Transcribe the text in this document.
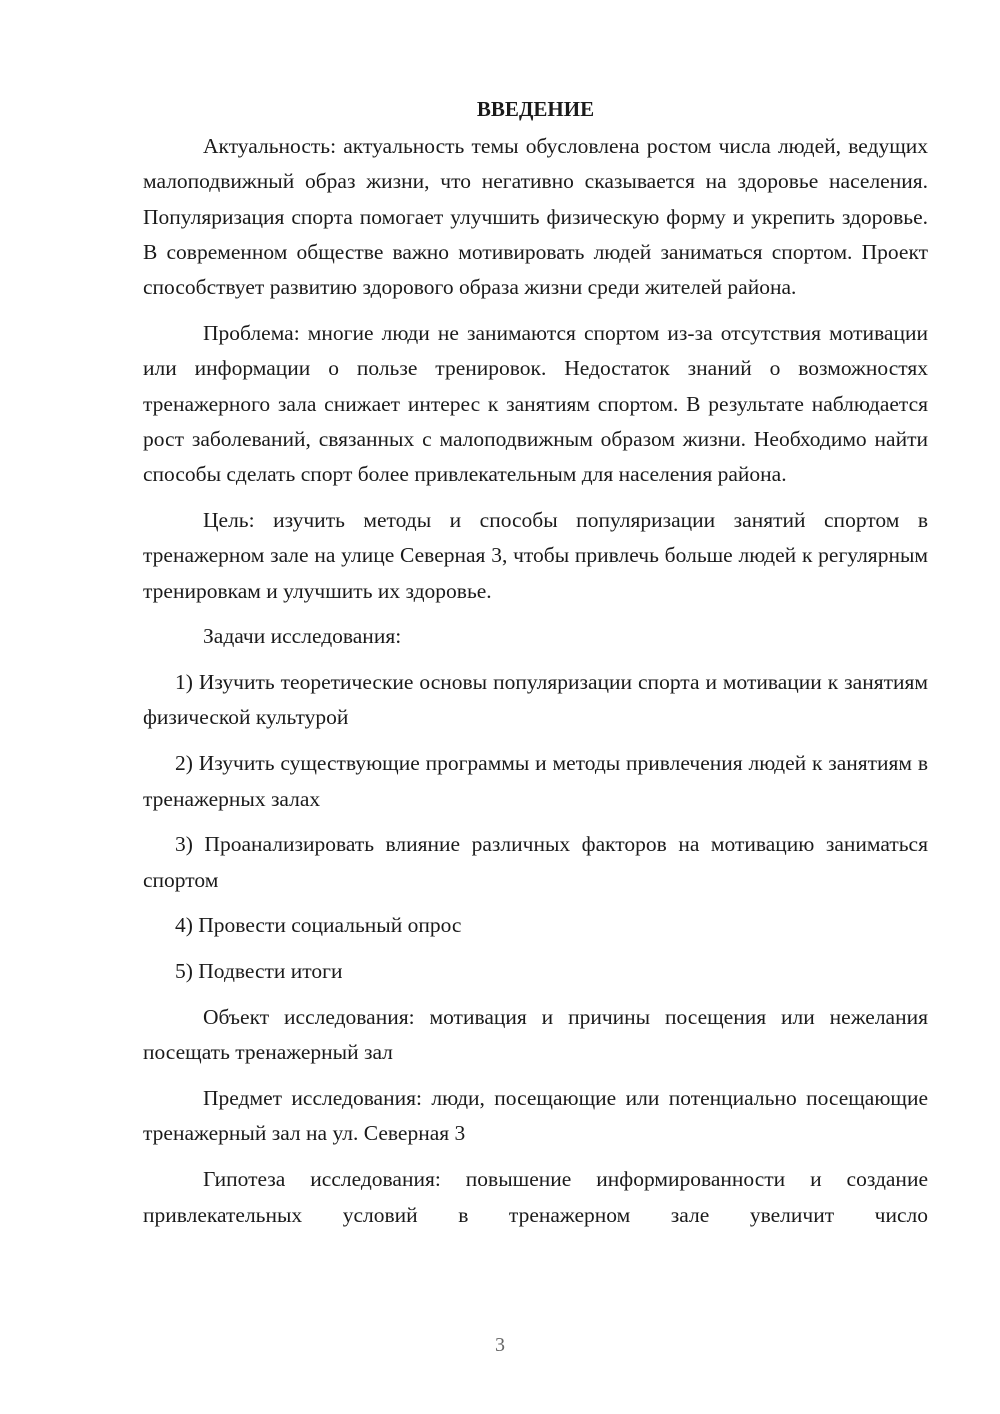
ВВЕДЕНИЕ

Актуальность: актуальность темы обусловлена ростом числа людей, ведущих малоподвижный образ жизни, что негативно сказывается на здоровье населения. Популяризация спорта помогает улучшить физическую форму и укрепить здоровье. В современном обществе важно мотивировать людей заниматься спортом. Проект способствует развитию здорового образа жизни среди жителей района.

Проблема: многие люди не занимаются спортом из-за отсутствия мотивации или информации о пользе тренировок. Недостаток знаний о возможностях тренажерного зала снижает интерес к занятиям спортом. В результате наблюдается рост заболеваний, связанных с малоподвижным образом жизни. Необходимо найти способы сделать спорт более привлекательным для населения района.

Цель: изучить методы и способы популяризации занятий спортом в тренажерном зале на улице Северная 3, чтобы привлечь больше людей к регулярным тренировкам и улучшить их здоровье.

Задачи исследования:

1) Изучить теоретические основы популяризации спорта и мотивации к занятиям физической культурой

2) Изучить существующие программы и методы привлечения людей к занятиям в тренажерных залах

3) Проанализировать влияние различных факторов на мотивацию заниматься спортом

4) Провести социальный опрос

5) Подвести итоги

Объект исследования: мотивация и причины посещения или нежелания посещать тренажерный зал

Предмет исследования: люди, посещающие или потенциально посещающие тренажерный зал на ул. Северная 3

Гипотеза исследования: повышение информированности и создание привлекательных условий в тренажерном зале увеличит число

3
